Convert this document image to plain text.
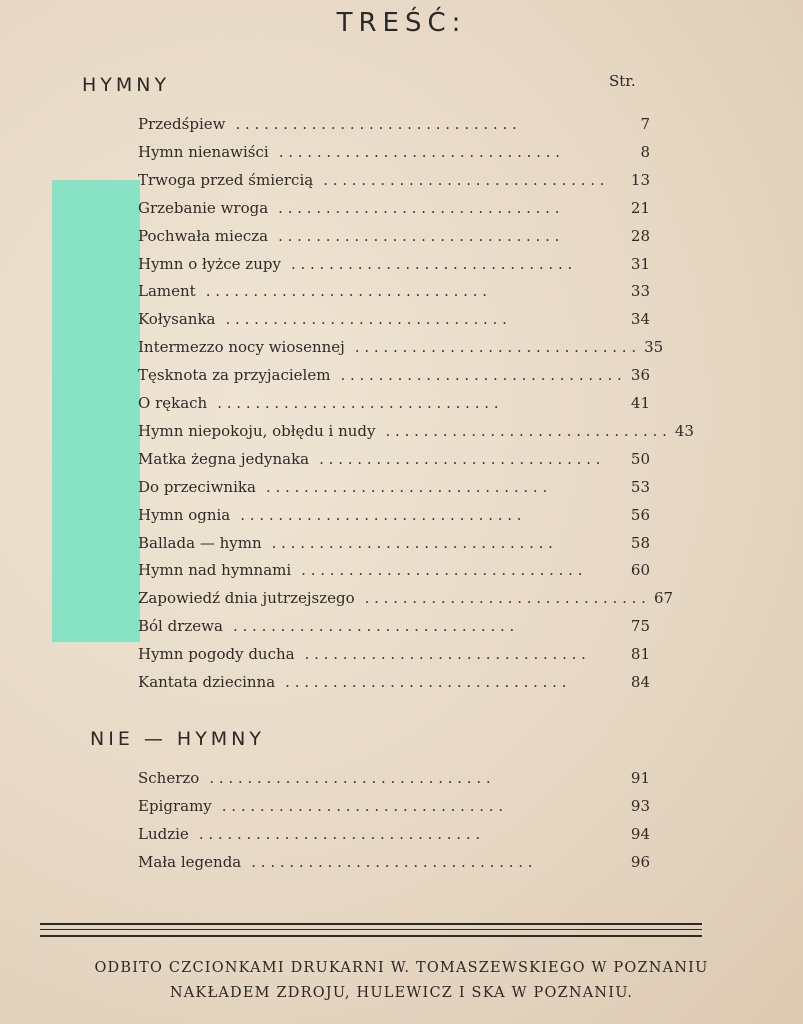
TREŚĆ:
HYMNY	Str.
Przedśpiew . . . . . . . . . . . . . . . . . . . . . . . . . . . . . .	7
Hymn nienawiści . . . . . . . . . . . . . . . . . . . . . . . . . . . . . .	8
Trwoga przed śmiercią . . . . . . . . . . . . . . . . . . . . . . . . . . . . . .	13
Grzebanie wroga . . . . . . . . . . . . . . . . . . . . . . . . . . . . . .	21
Pochwała miecza . . . . . . . . . . . . . . . . . . . . . . . . . . . . . .	28
Hymn o łyżce zupy . . . . . . . . . . . . . . . . . . . . . . . . . . . . . .	31
Lament . . . . . . . . . . . . . . . . . . . . . . . . . . . . . .	33
Kołysanka . . . . . . . . . . . . . . . . . . . . . . . . . . . . . .	34
Intermezzo nocy wiosennej . . . . . . . . . . . . . . . . . . . . . . . . . . . . . . 35
Tęsknota za przyjacielem . . . . . . . . . . . . . . . . . . . . . . . . . . . . . . 36
O rękach . . . . . . . . . . . . . . . . . . . . . . . . . . . . . .	41
Hymn niepokoju, obłędu i nudy . . . . . . . . . . . . . . . . . . . . . . . . . . . . . . 43
Matka żegna jedynaka . . . . . . . . . . . . . . . . . . . . . . . . . . . . . .	50
Do przeciwnika . . . . . . . . . . . . . . . . . . . . . . . . . . . . . .	53
Hymn ognia . . . . . . . . . . . . . . . . . . . . . . . . . . . . . .	56
Ballada — hymn . . . . . . . . . . . . . . . . . . . . . . . . . . . . . .	58
Hymn nad hymnami . . . . . . . . . . . . . . . . . . . . . . . . . . . . . .	60
Zapowiedź dnia jutrzejszego . . . . . . . . . . . . . . . . . . . . . . . . . . . . . . 67
Ból drzewa . . . . . . . . . . . . . . . . . . . . . . . . . . . . . .	75
Hymn pogody ducha . . . . . . . . . . . . . . . . . . . . . . . . . . . . . .	81
Kantata dziecinna . . . . . . . . . . . . . . . . . . . . . . . . . . . . . .	84
NIE — HYMNY
Scherzo . . . . . . . . . . . . . . . . . . . . . . . . . . . . . .	91
Epigramy . . . . . . . . . . . . . . . . . . . . . . . . . . . . . .	93
Ludzie . . . . . . . . . . . . . . . . . . . . . . . . . . . . . .	94
Mała legenda . . . . . . . . . . . . . . . . . . . . . . . . . . . . . .	96
ODBITO CZCIONKAMI DRUKARNI W. TOMASZEWSKIEGO W POZNANIU
NAKŁADEM ZDROJU, HULEWICZ I SKA W POZNANIU.
